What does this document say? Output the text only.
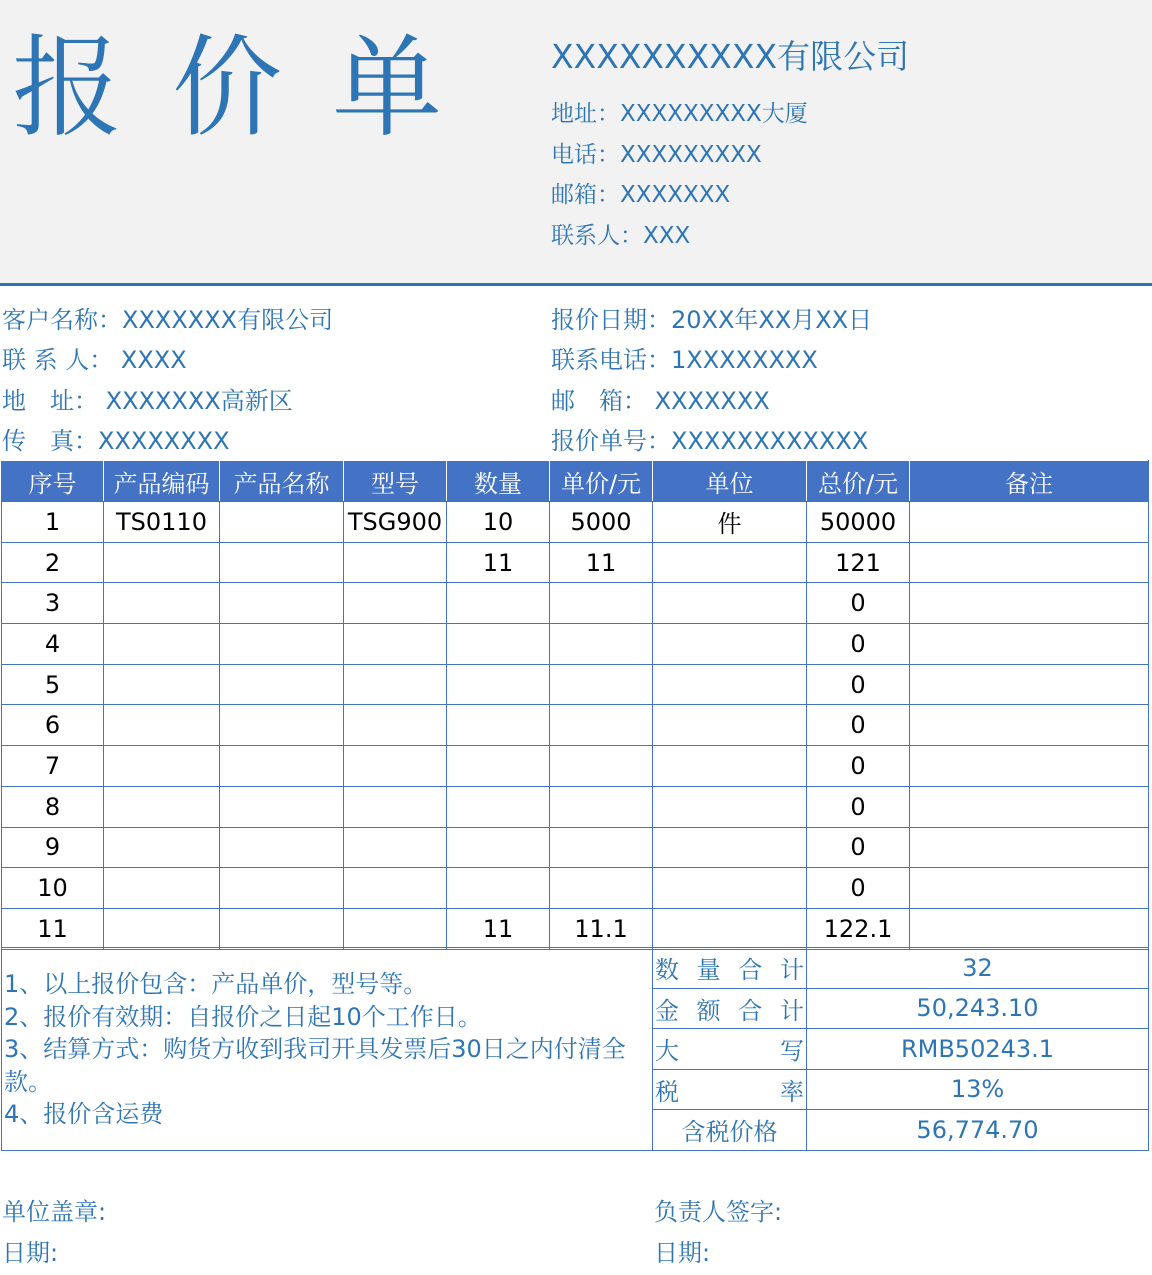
报 价 单	XXXXXXXXXX有限公司
地址：XXXXXXXXX大厦
电话：XXXXXXXXX
邮箱：XXXXXXX
联系人：XXX
客户名称：XXXXXXX有限公司
联 系 人： XXXX
地　址： XXXXXXX高新区
传　真：XXXXXXXX
报价日期：20XX年XX月XX日
联系电话：1XXXXXXXX
邮　箱： XXXXXXX
报价单号：XXXXXXXXXXXX
序号	产品编码	产品名称	型号	数量	单价/元	单位	总价/元	备注
1	TS0110		TSG900	10	5000	件	50000	
2				11	11		121	
3							0	
4							0	
5							0	
6							0	
7							0	
8							0	
9							0	
10							0	
11				11	11.1		122.1	
1、以上报价包含：产品单价，型号等。
2、报价有效期：自报价之日起10个工作日。
3、结算方式：购货方收到我司开具发票后30日之内付清全款。
4、报价含运费	数量合计	32
	金额合计	50,243.10
	大写	RMB50243.1
	税率	13%
	含税价格	56,774.70
单位盖章:
日期:
负责人签字:
日期:
